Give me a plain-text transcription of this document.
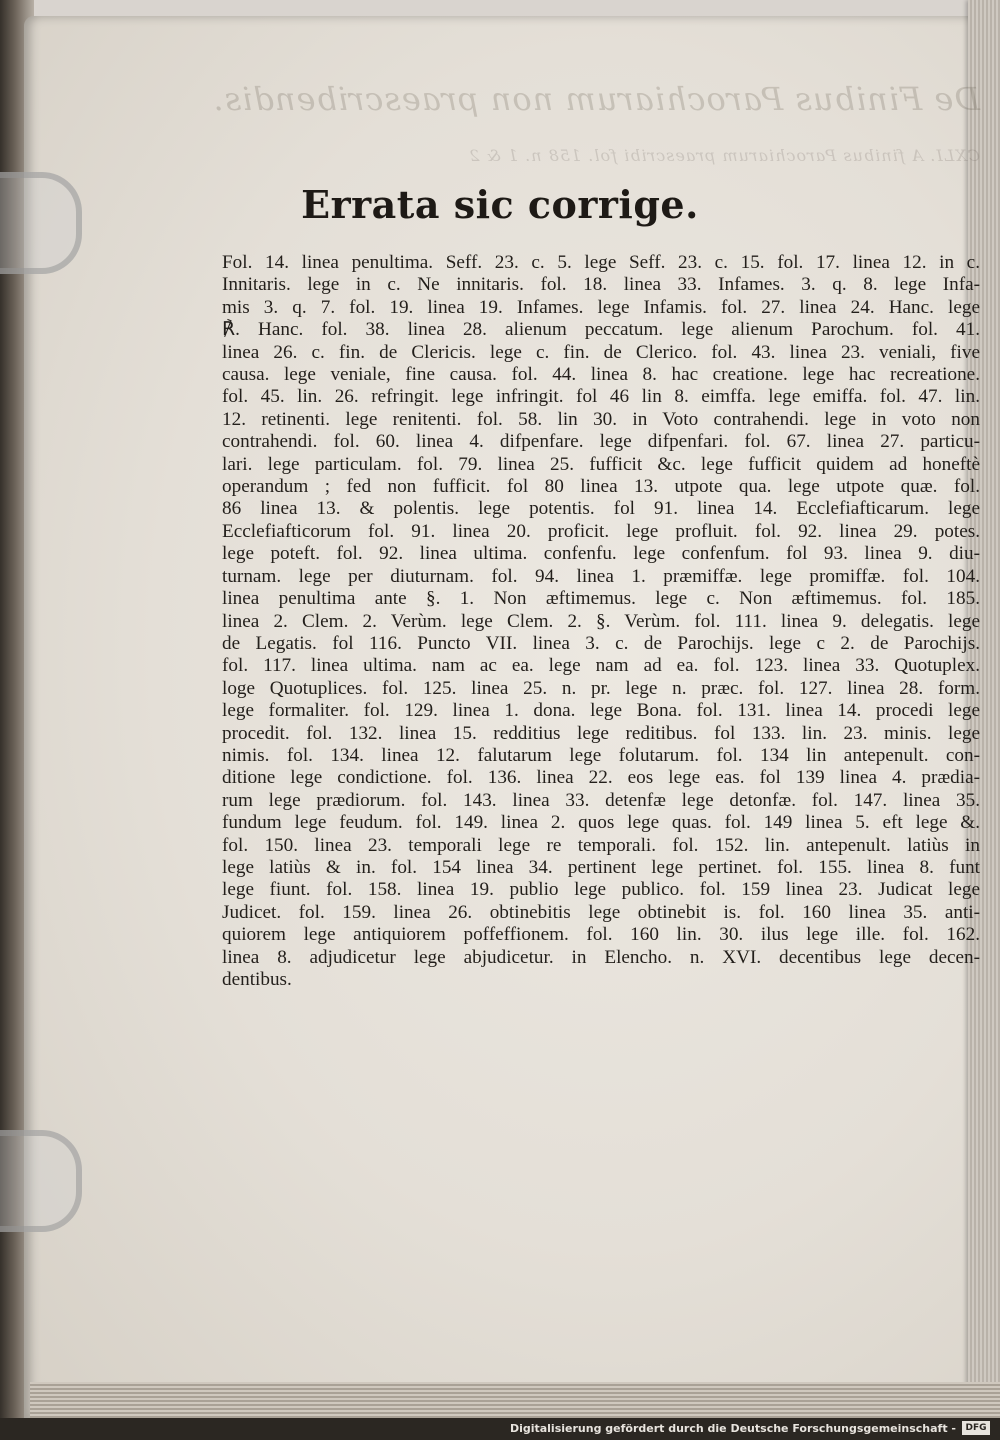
De Finibus Parochiarum non praescribendis.
CXLI. A finibus Parochiarum praescribi fol. 158 n. 1 & 2
Errata sic corrige.
Fol. 14. linea penultima. Seff. 23. c. 5. lege Seff. 23. c. 15. fol. 17. linea 12. in c.
Innitaris. lege in c. Ne innitaris. fol. 18. linea 33. Infames. 3. q. 8. lege Infa-
mis 3. q. 7. fol. 19. linea 19. Infames. lege Infamis. fol. 27. linea 24. Hanc. lege
℟. Hanc. fol. 38. linea 28. alienum peccatum. lege alienum Parochum. fol. 41.
linea 26. c. fin. de Clericis. lege c. fin. de Clerico. fol. 43. linea 23. veniali, five
causa. lege veniale, fine causa. fol. 44. linea 8. hac creatione. lege hac recreatione.
fol. 45. lin. 26. refringit. lege infringit. fol 46 lin 8. eimffa. lege emiffa. fol. 47. lin.
12. retinenti. lege renitenti. fol. 58. lin 30. in Voto contrahendi. lege in voto non
contrahendi. fol. 60. linea 4. difpenfare. lege difpenfari. fol. 67. linea 27. particu-
lari. lege particulam. fol. 79. linea 25. fufficit &c. lege fufficit quidem ad honeftè
operandum ; fed non fufficit. fol 80 linea 13. utpote qua. lege utpote quæ. fol.
86 linea 13. & polentis. lege potentis. fol 91. linea 14. Ecclefiafticarum. lege
Ecclefiafticorum fol. 91. linea 20. proficit. lege profluit. fol. 92. linea 29. potes.
lege poteft. fol. 92. linea ultima. confenfu. lege confenfum. fol 93. linea 9. diu-
turnam. lege per diuturnam. fol. 94. linea 1. præmiffæ. lege promiffæ. fol. 104.
linea penultima ante §. 1. Non æftimemus. lege c. Non æftimemus. fol. 185.
linea 2. Clem. 2. Verùm. lege Clem. 2. §. Verùm. fol. 111. linea 9. delegatis. lege
de Legatis. fol 116. Puncto VII. linea 3. c. de Parochijs. lege c 2. de Parochijs.
fol. 117. linea ultima. nam ac ea. lege nam ad ea. fol. 123. linea 33. Quotuplex.
loge Quotuplices. fol. 125. linea 25. n. pr. lege n. præc. fol. 127. linea 28. form.
lege formaliter. fol. 129. linea 1. dona. lege Bona. fol. 131. linea 14. procedi lege
procedit. fol. 132. linea 15. redditius lege reditibus. fol 133. lin. 23. minis. lege
nimis. fol. 134. linea 12. falutarum lege folutarum. fol. 134 lin antepenult. con-
ditione lege condictione. fol. 136. linea 22. eos lege eas. fol 139 linea 4. prædia-
rum lege prædiorum. fol. 143. linea 33. detenfæ lege detonfæ. fol. 147. linea 35.
fundum lege feudum. fol. 149. linea 2. quos lege quas. fol. 149 linea 5. eft lege &.
fol. 150. linea 23. temporali lege re temporali. fol. 152. lin. antepenult. latiùs in
lege latiùs & in. fol. 154 linea 34. pertinent lege pertinet. fol. 155. linea 8. funt
lege fiunt. fol. 158. linea 19. publio lege publico. fol. 159 linea 23. Judicat lege
Judicet. fol. 159. linea 26. obtinebitis lege obtinebit is. fol. 160 linea 35. anti-
quiorem lege antiquiorem poffeffionem. fol. 160 lin. 30. ilus lege ille. fol. 162.
linea 8. adjudicetur lege abjudicetur. in Elencho. n. XVI. decentibus lege decen-
dentibus.
Digitalisierung gefördert durch die Deutsche Forschungsgemeinschaft -	DFG
